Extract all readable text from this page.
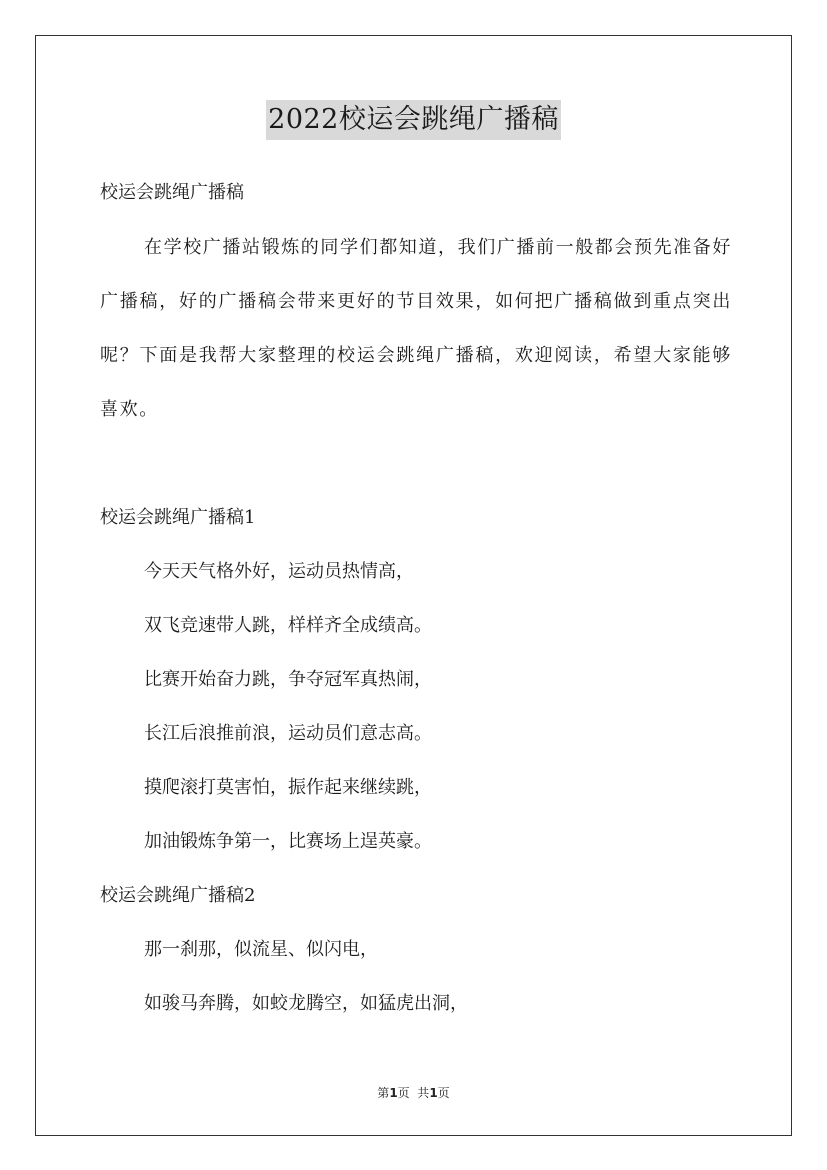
2022校运会跳绳广播稿
校运会跳绳广播稿
在学校广播站锻炼的同学们都知道，我们广播前一般都会预先准备好广播稿，好的广播稿会带来更好的节目效果，如何把广播稿做到重点突出呢？下面是我帮大家整理的校运会跳绳广播稿，欢迎阅读，希望大家能够喜欢。
校运会跳绳广播稿1
今天天气格外好，运动员热情高，
双飞竞速带人跳，样样齐全成绩高。
比赛开始奋力跳，争夺冠军真热闹，
长江后浪推前浪，运动员们意志高。
摸爬滚打莫害怕，振作起来继续跳，
加油锻炼争第一，比赛场上逞英豪。
校运会跳绳广播稿2
那一刹那，似流星、似闪电，
如骏马奔腾，如蛟龙腾空，如猛虎出洞，
第1页  共1页
